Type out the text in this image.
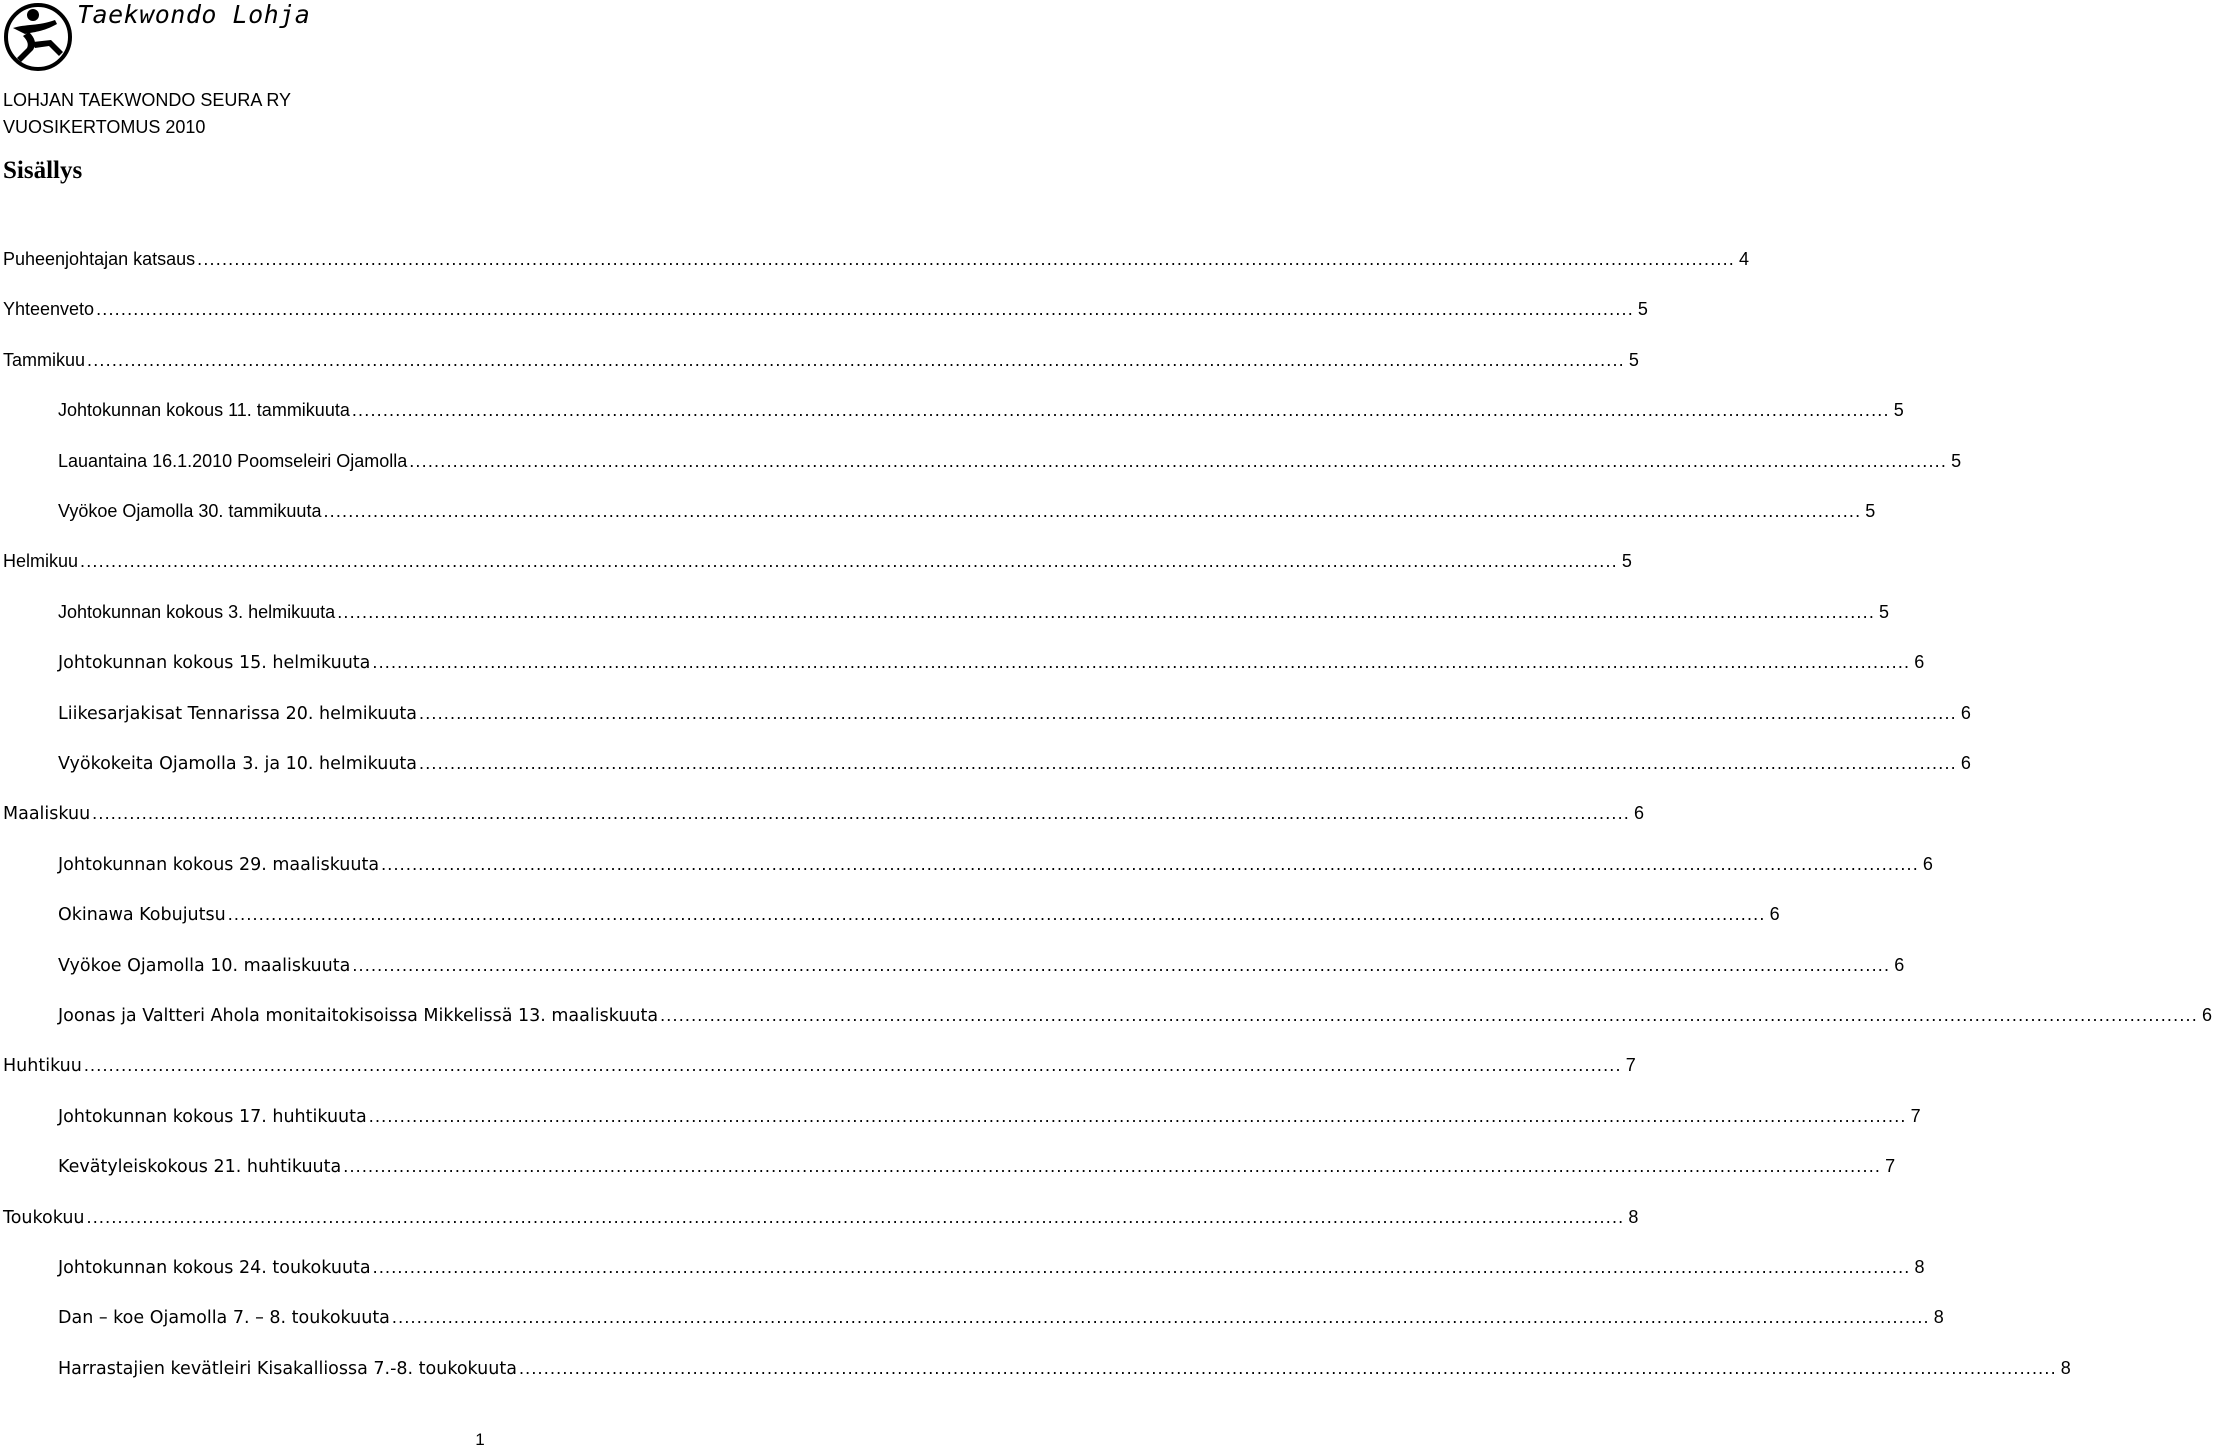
Taekwondo Lohja
LOHJAN TAEKWONDO SEURA RY
VUOSIKERTOMUS 2010
Sisällys
Puheenjohtajan katsaus .....	4
Yhteenveto .....	5
Tammikuu .....	5
Johtokunnan kokous 11. tammikuuta .....	5
Lauantaina 16.1.2010 Poomseleiri Ojamolla .....	5
Vyökoe Ojamolla 30. tammikuuta .....	5
Helmikuu .....	5
Johtokunnan kokous 3. helmikuuta .....	5
Johtokunnan kokous 15. helmikuuta .....	6
Liikesarjakisat Tennarissa 20. helmikuuta .....	6
Vyökokeita Ojamolla 3. ja 10. helmikuuta .....	6
Maaliskuu .....	6
Johtokunnan kokous 29. maaliskuuta .....	6
Okinawa Kobujutsu .....	6
Vyökoe Ojamolla 10. maaliskuuta .....	6
Joonas ja Valtteri Ahola monitaitokisoissa Mikkelissä 13. maaliskuuta .....	6
Huhtikuu .....	7
Johtokunnan kokous 17. huhtikuuta .....	7
Kevätyleiskokous 21. huhtikuuta .....	7
Toukokuu .....	8
Johtokunnan kokous 24. toukokuuta .....	8
Dan – koe Ojamolla 7. – 8. toukokuuta .....	8
Harrastajien kevätleiri Kisakalliossa 7.-8. toukokuuta .....	8
1
